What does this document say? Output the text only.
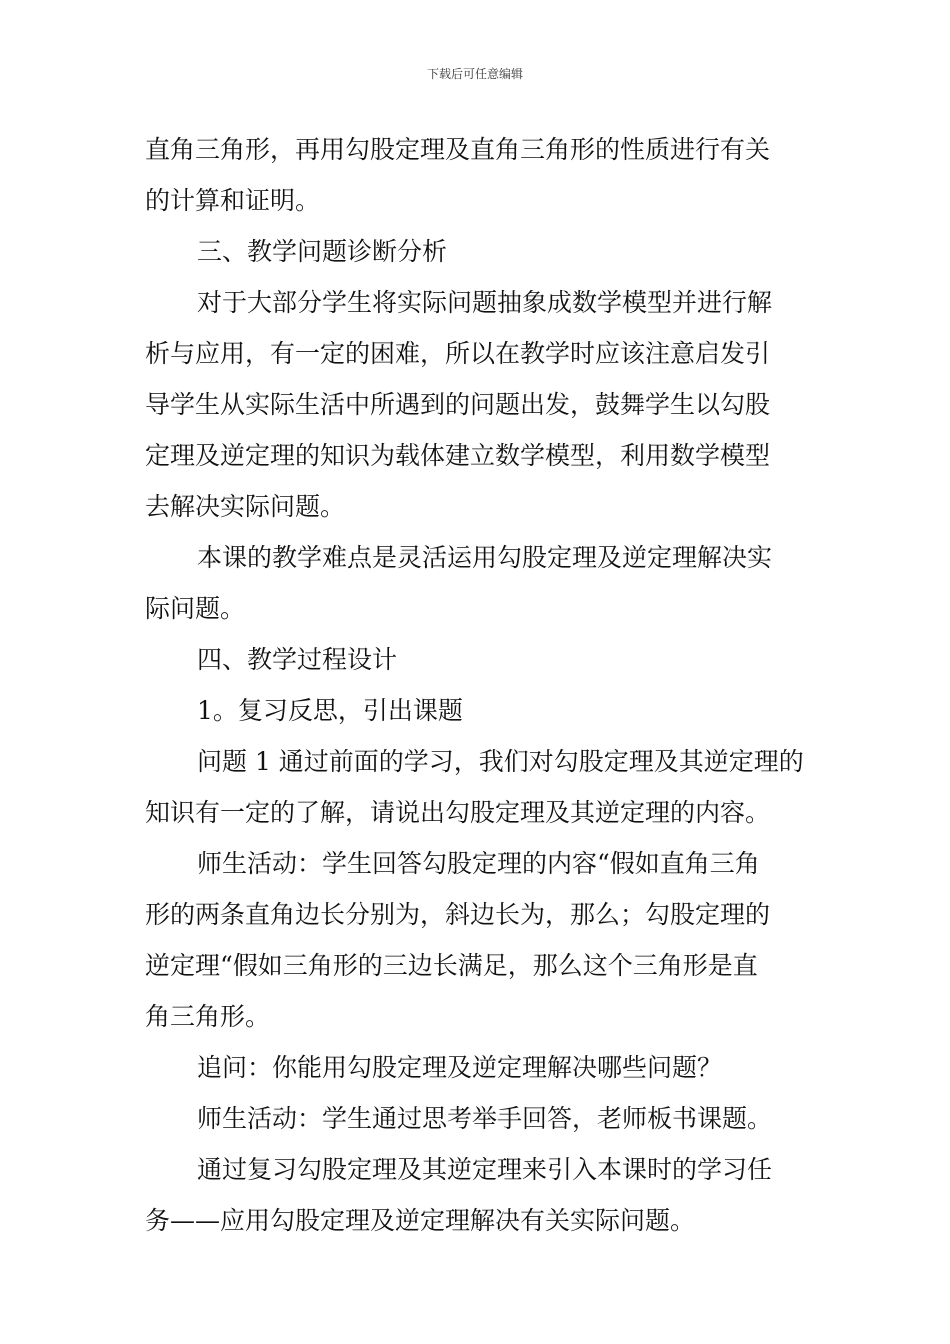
下载后可任意编辑
直角三角形，再用勾股定理及直角三角形的性质进行有关
的计算和证明。
三、教学问题诊断分析
对于大部分学生将实际问题抽象成数学模型并进行解
析与应用，有一定的困难，所以在教学时应该注意启发引
导学生从实际生活中所遇到的问题出发，鼓舞学生以勾股
定理及逆定理的知识为载体建立数学模型，利用数学模型
去解决实际问题。
本课的教学难点是灵活运用勾股定理及逆定理解决实
际问题。
四、教学过程设计
1。复习反思，引出课题
问题 1 通过前面的学习，我们对勾股定理及其逆定理的
知识有一定的了解，请说出勾股定理及其逆定理的内容。
师生活动：学生回答勾股定理的内容“假如直角三角
形的两条直角边长分别为，斜边长为，那么；勾股定理的
逆定理“假如三角形的三边长满足，那么这个三角形是直
角三角形。
追问：你能用勾股定理及逆定理解决哪些问题？
师生活动：学生通过思考举手回答，老师板书课题。
通过复习勾股定理及其逆定理来引入本课时的学习任
务——应用勾股定理及逆定理解决有关实际问题。
